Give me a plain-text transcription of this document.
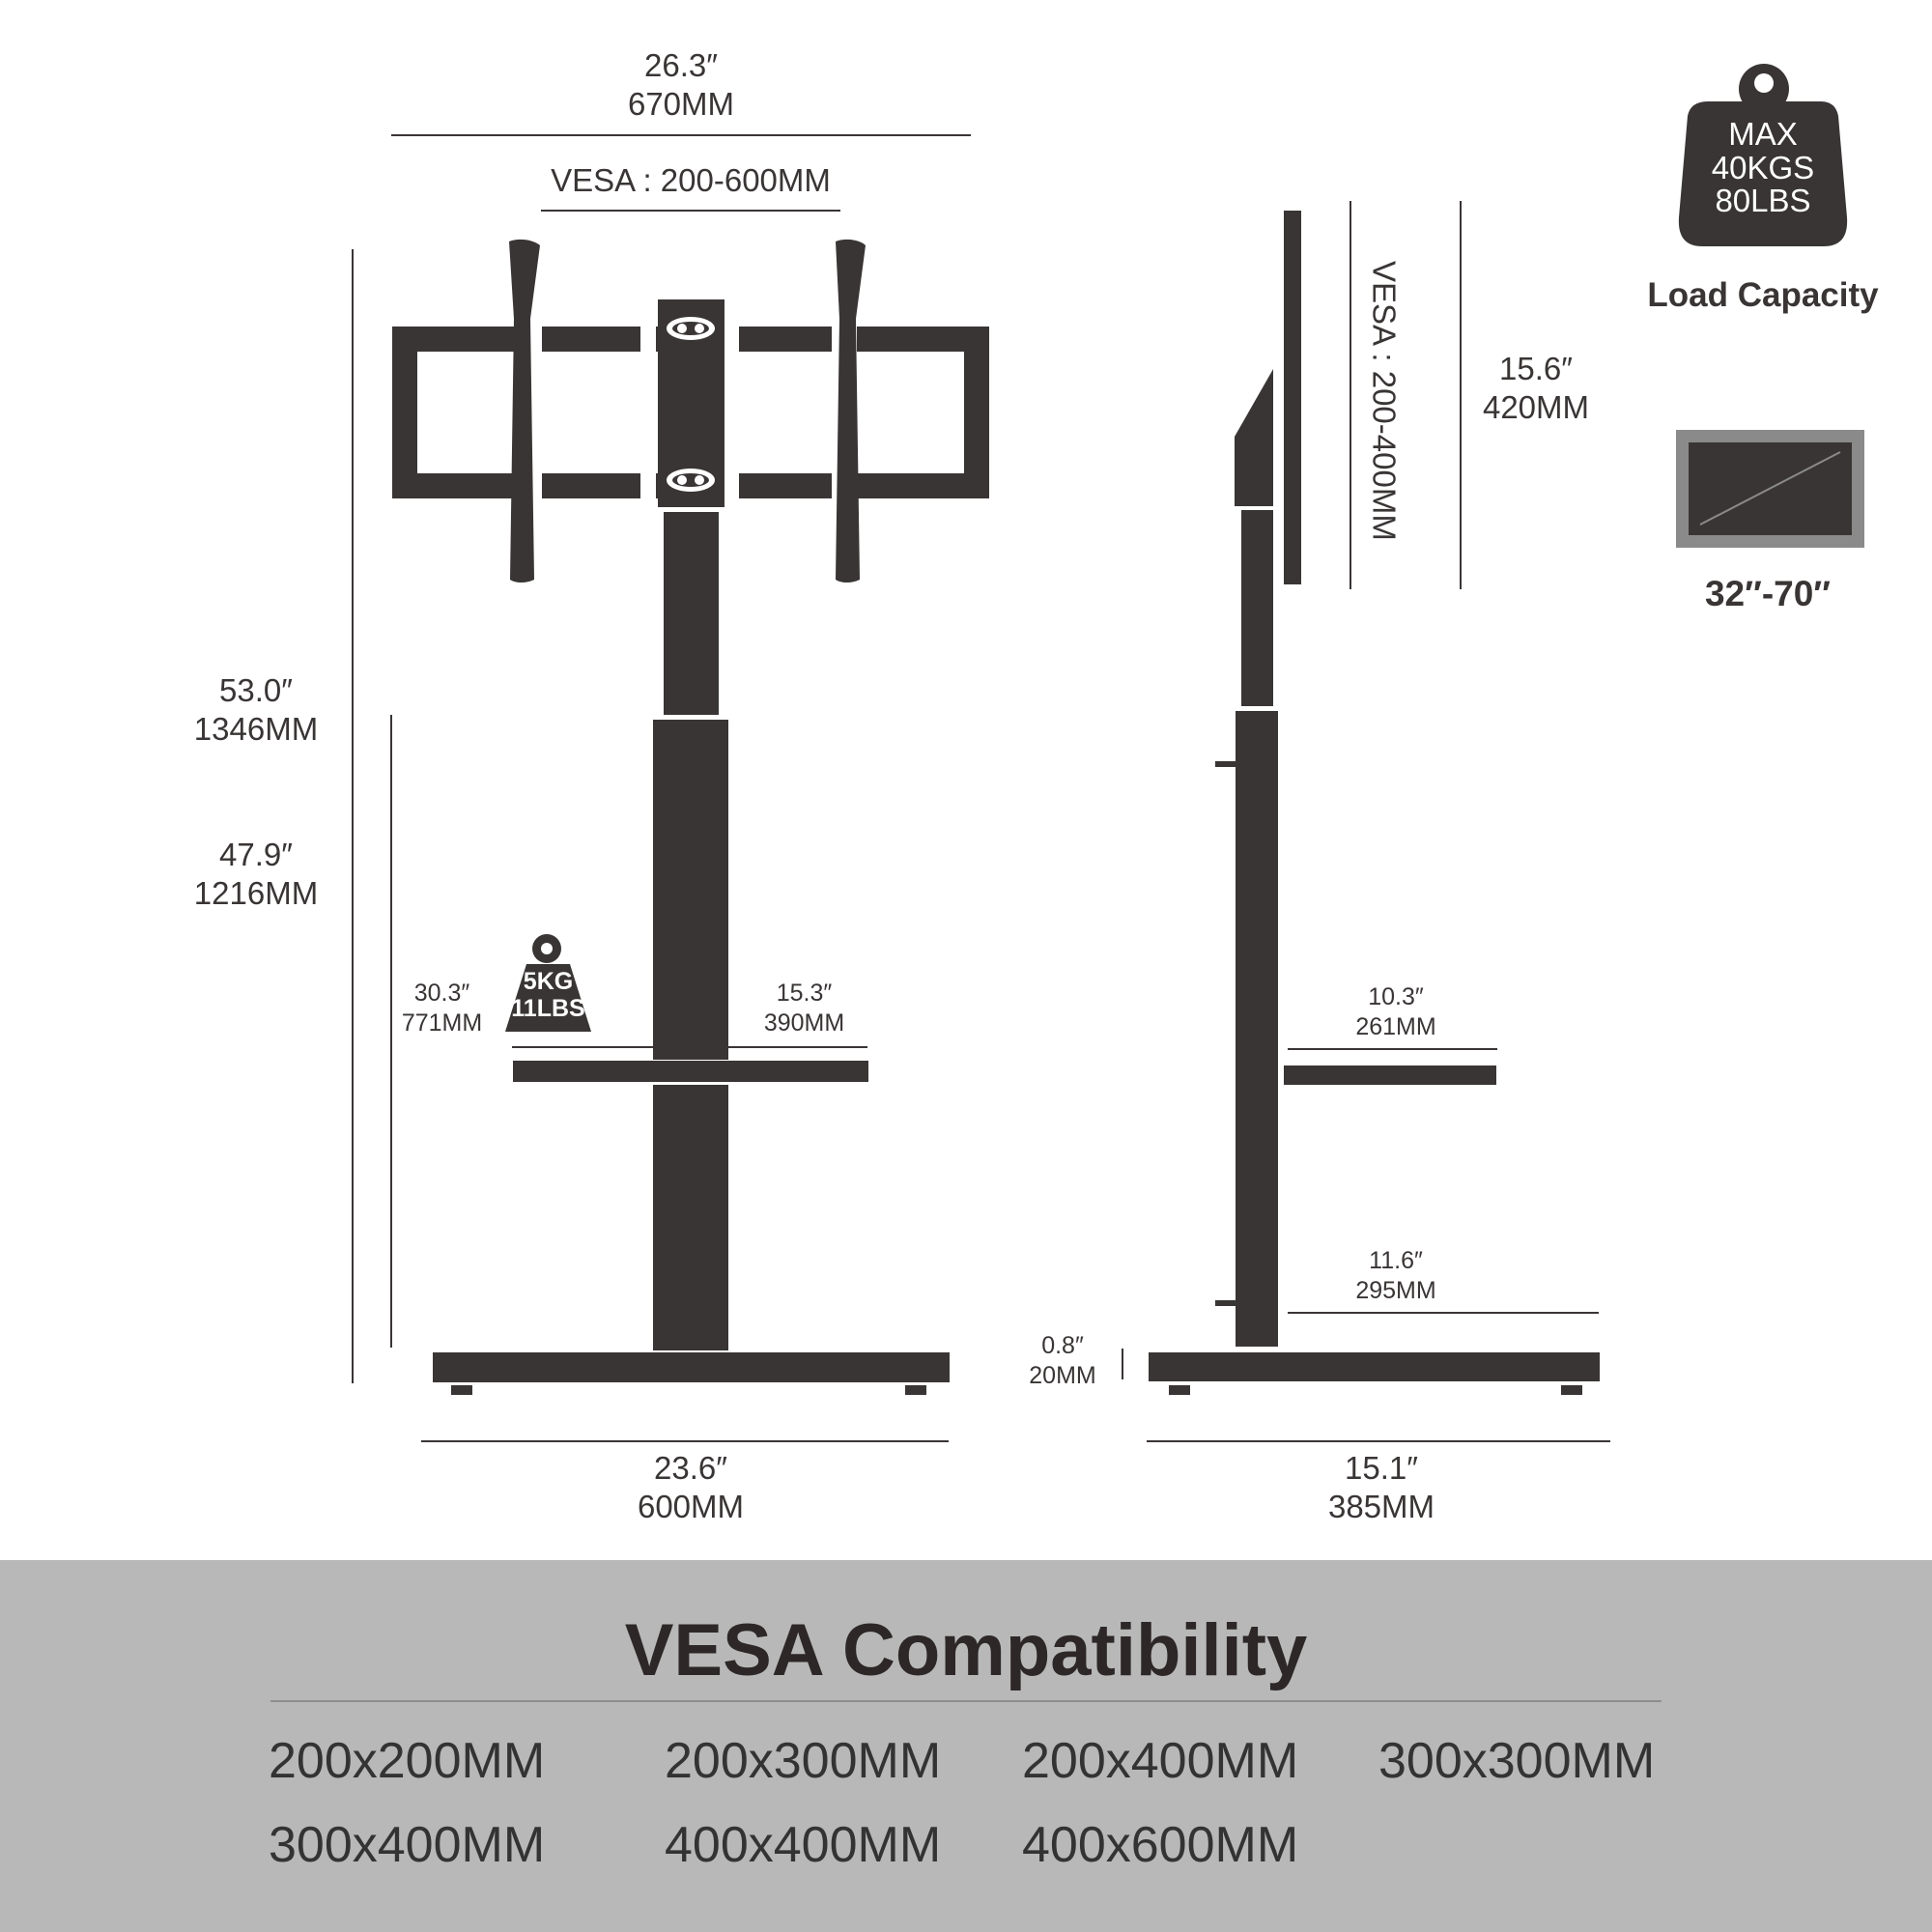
26.3″
670MM
VESA : 200-600MM
53.0″
1346MM
47.9″
1216MM
30.3″
771MM
15.3″
390MM
5KG
11LBS
23.6″
600MM
VESA : 200-400MM	15.6″
420MM
10.3″
261MM
11.6″
295MM
0.8″
20MM
15.1″
385MM
MAX
40KGS
80LBS
Load Capacity
32″-70″
VESA Compatibility
200x200MM 200x300MM 200x400MM 300x300MM
300x400MM 400x400MM 400x600MM
